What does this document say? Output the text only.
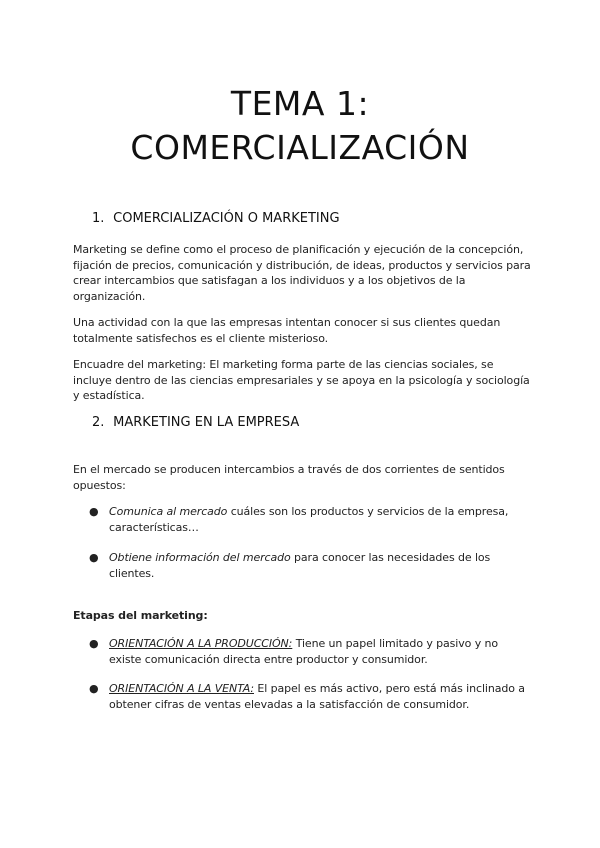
TEMA 1:
COMERCIALIZACIÓN
1. COMERCIALIZACIÓN O MARKETING

Marketing se define como el proceso de planificación y ejecución de la concepción, fijación de precios, comunicación y distribución, de ideas, productos y servicios para crear intercambios que satisfagan a los individuos y a los objetivos de la organización.

Una actividad con la que las empresas intentan conocer si sus clientes quedan totalmente satisfechos es el cliente misterioso.

Encuadre del marketing: El marketing forma parte de las ciencias sociales, se incluye dentro de las ciencias empresariales y se apoya en la psicología y sociología y estadística.

2. MARKETING EN LA EMPRESA

En el mercado se producen intercambios a través de dos corrientes de sentidos opuestos:

● Comunica al mercado cuáles son los productos y servicios de la empresa, características…
● Obtiene información del mercado para conocer las necesidades de los clientes.

Etapas del marketing:

● ORIENTACIÓN A LA PRODUCCIÓN: Tiene un papel limitado y pasivo y no existe comunicación directa entre productor y consumidor.
● ORIENTACIÓN A LA VENTA: El papel es más activo, pero está más inclinado a obtener cifras de ventas elevadas a la satisfacción de consumidor.
